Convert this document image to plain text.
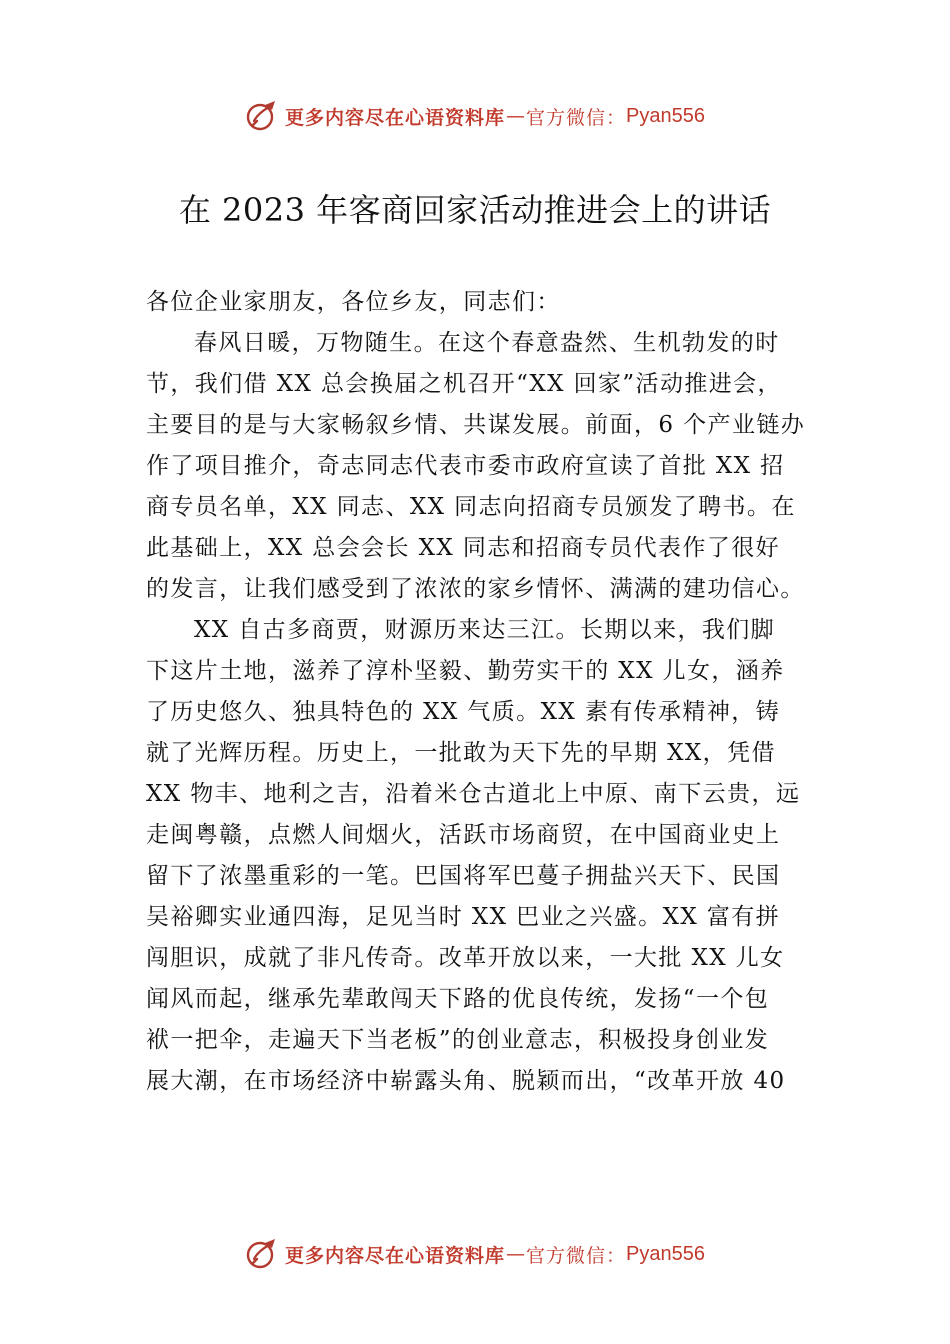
更多内容尽在心语资料库 — 官方微信： Pyan556
在 2023 年客商回家活动推进会上的讲话
各位企业家朋友，各位乡友，同志们：
春风日暖，万物随生。在这个春意盎然、生机勃发的时
节，我们借 XX 总会换届之机召开“XX 回家”活动推进会，
主要目的是与大家畅叙乡情、共谋发展。前面，6 个产业链办
作了项目推介，奇志同志代表市委市政府宣读了首批 XX 招
商专员名单，XX 同志、XX 同志向招商专员颁发了聘书。在
此基础上，XX 总会会长 XX 同志和招商专员代表作了很好
的发言，让我们感受到了浓浓的家乡情怀、满满的建功信心。
XX 自古多商贾，财源历来达三江。长期以来，我们脚
下这片土地，滋养了淳朴坚毅、勤劳实干的 XX 儿女，涵养
了历史悠久、独具特色的 XX 气质。XX 素有传承精神，铸
就了光辉历程。历史上，一批敢为天下先的早期 XX，凭借
XX 物丰、地利之吉，沿着米仓古道北上中原、南下云贵，远
走闽粤赣，点燃人间烟火，活跃市场商贸，在中国商业史上
留下了浓墨重彩的一笔。巴国将军巴蔓子拥盐兴天下、民国
吴裕卿实业通四海，足见当时 XX 巴业之兴盛。XX 富有拼
闯胆识，成就了非凡传奇。改革开放以来，一大批 XX 儿女
闻风而起，继承先辈敢闯天下路的优良传统，发扬“一个包
袱一把伞，走遍天下当老板”的创业意志，积极投身创业发
展大潮，在市场经济中崭露头角、脱颖而出，“改革开放 40
更多内容尽在心语资料库 — 官方微信： Pyan556
